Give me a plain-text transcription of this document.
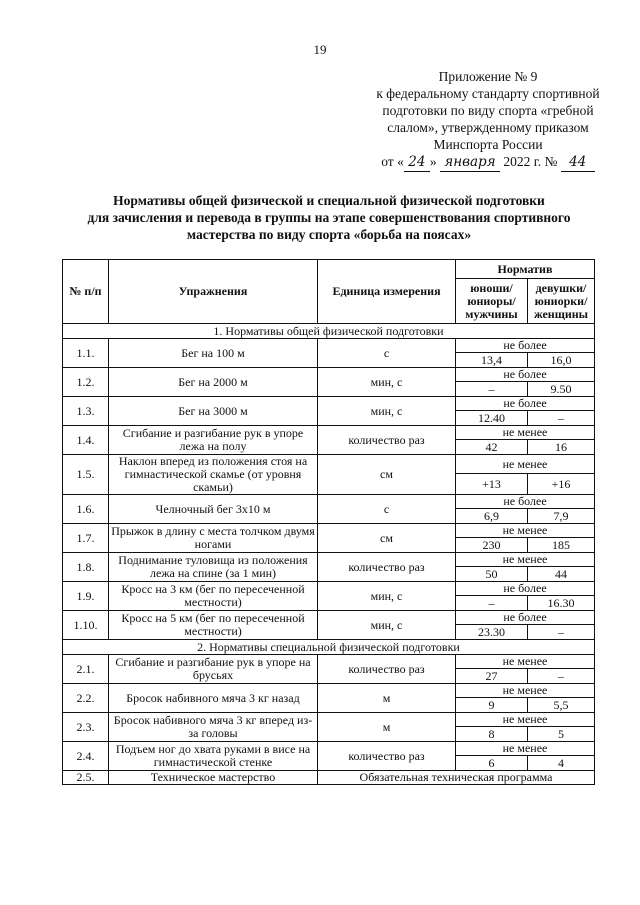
19
Приложение № 9
к федеральному стандарту спортивной
подготовки по виду спорта «гребной
слалом», утвержденному приказом
Минспорта России
от « 24 » января 2022 г. № 44
Нормативы общей физической и специальной физической подготовки
для зачисления и перевода в группы на этапе совершенствования спортивного
мастерства по виду спорта «борьба на поясах»
№ п/п	Упражнения	Единица измерения	Норматив	
			юноши/ юниоры/ мужчины	девушки/ юниорки/ женщины
1. Нормативы общей физической подготовки				
1.1.	Бег на 100 м	с	не более	
			13,4	16,0
1.2.	Бег на 2000 м	мин, с	не более	
			–	9.50
1.3.	Бег на 3000 м	мин, с	не более	
			12.40	–
1.4.	Сгибание и разгибание рук в упоре лежа на полу	количество раз	не менее	
			42	16
1.5.	Наклон вперед из положения стоя на гимнастической скамье (от уровня скамьи)	см	не менее	
			+13	+16
1.6.	Челночный бег 3x10 м	с	не более	
			6,9	7,9
1.7.	Прыжок в длину с места толчком двумя ногами	см	не менее	
			230	185
1.8.	Поднимание туловища из положения лежа на спине (за 1 мин)	количество раз	не менее	
			50	44
1.9.	Кросс на 3 км (бег по пересеченной местности)	мин, с	не более	
			–	16.30
1.10.	Кросс на 5 км (бег по пересеченной местности)	мин, с	не более	
			23.30	–
2. Нормативы специальной физической подготовки				
2.1.	Сгибание и разгибание рук в упоре на брусьях	количество раз	не менее	
			27	–
2.2.	Бросок набивного мяча 3 кг назад	м	не менее	
			9	5,5
2.3.	Бросок набивного мяча 3 кг вперед из-за головы	м	не менее	
			8	5
2.4.	Подъем ног до хвата руками в висе на гимнастической стенке	количество раз	не менее	
			6	4
2.5.	Техническое мастерство	Обязательная техническая программа		
